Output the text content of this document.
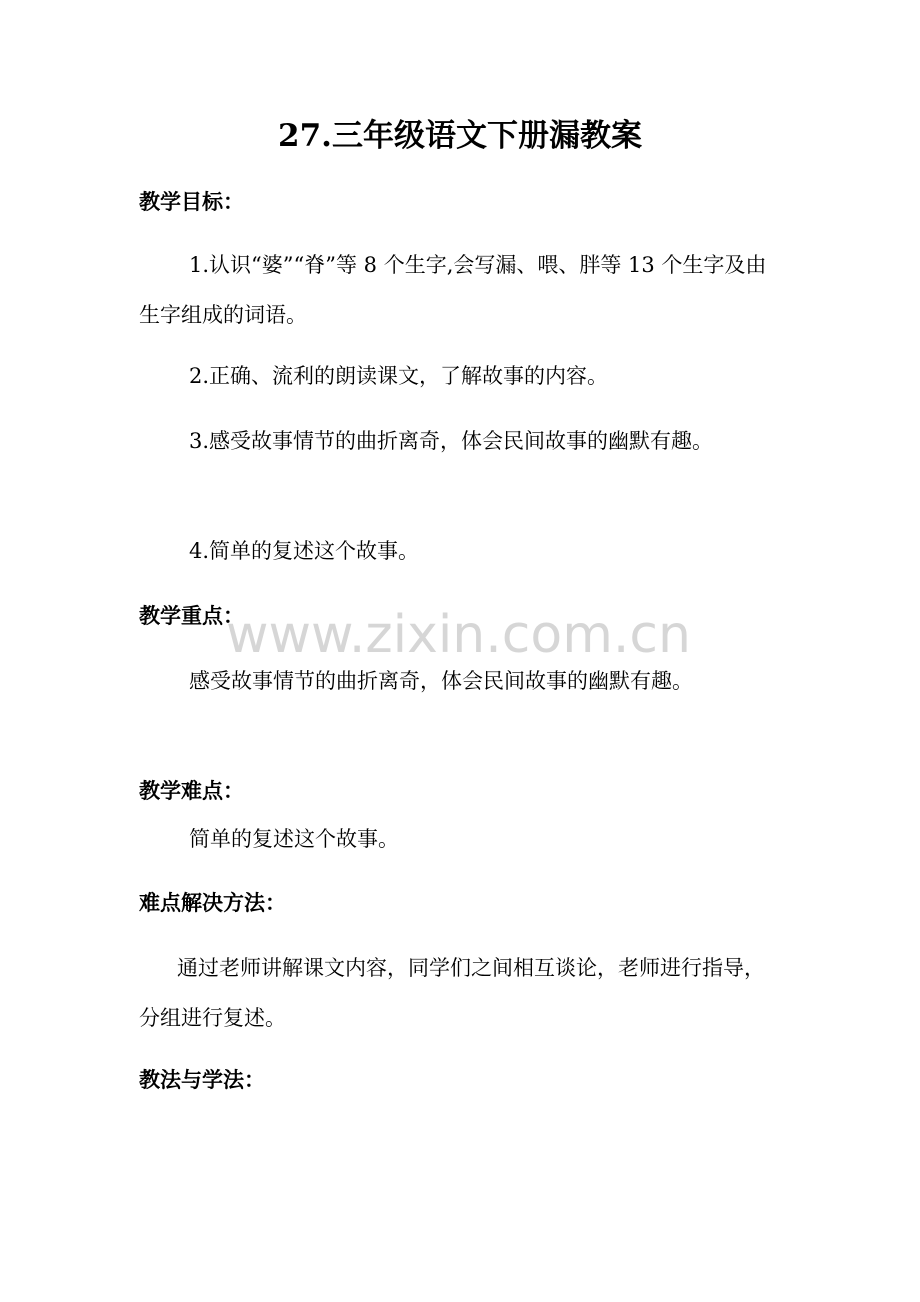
27.三年级语文下册漏教案
教学目标：
1.认识“婆”“脊”等 8 个生字,会写漏、喂、胖等 13 个生字及由生字组成的词语。
2.正确、流利的朗读课文，了解故事的内容。
3.感受故事情节的曲折离奇，体会民间故事的幽默有趣。
4.简单的复述这个故事。
教学重点：
感受故事情节的曲折离奇，体会民间故事的幽默有趣。
教学难点：
简单的复述这个故事。
难点解决方法：
通过老师讲解课文内容，同学们之间相互谈论，老师进行指导，分组进行复述。
教法与学法：
www.zixin.com.cn
